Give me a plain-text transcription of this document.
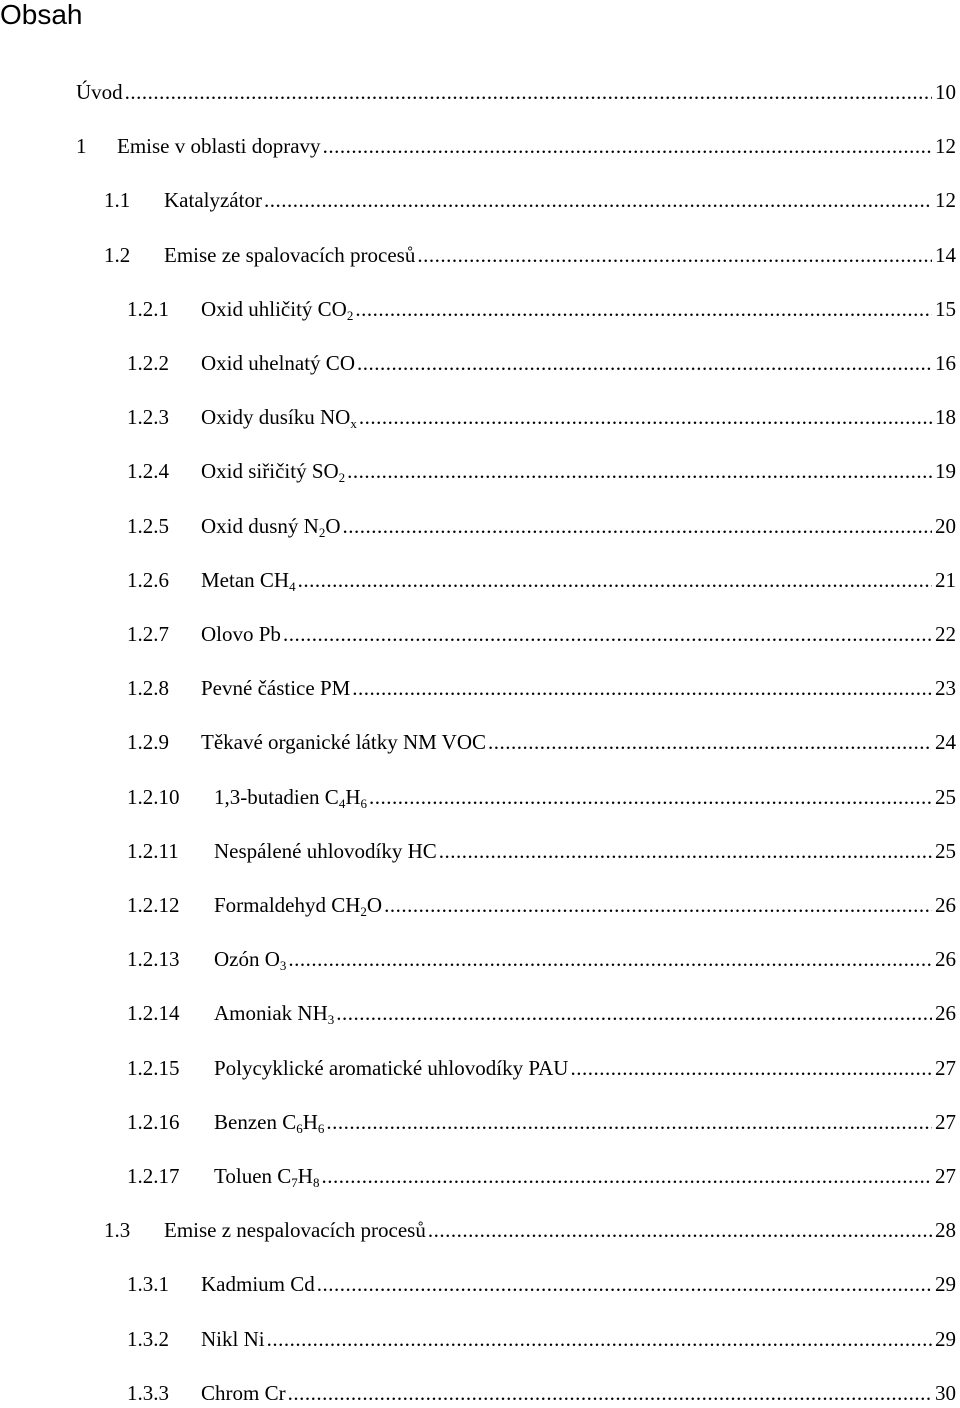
Obsah
Úvod .....	10
1	Emise v oblasti dopravy .....	12
1.1	Katalyzátor .....	12
1.2	Emise ze spalovacích procesů .....	14
1.2.1	Oxid uhličitý $CO_2$ .....	15
1.2.2	Oxid uhelnatý CO .....	16
1.2.3	Oxidy dusíku $NO_x$ .....	18
1.2.4	Oxid siřičitý $SO_2$ .....	19
1.2.5	Oxid dusný $N_2O$ .....	20
1.2.6	Metan $CH_4$ .....	21
1.2.7	Olovo Pb .....	22
1.2.8	Pevné částice PM .....	23
1.2.9	Těkavé organické látky NM VOC .....	24
1.2.10	1,3-butadien $C_4H_6$ .....	25
1.2.11	Nespálené uhlovodíky HC .....	25
1.2.12	Formaldehyd $CH_2O$ .....	26
1.2.13	Ozón $O_3$ .....	26
1.2.14	Amoniak $NH_3$ .....	26
1.2.15	Polycyklické aromatické uhlovodíky PAU .....	27
1.2.16	Benzen $C_6H_6$ .....	27
1.2.17	Toluen $C_7H_8$ .....	27
1.3	Emise z nespalovacích procesů .....	28
1.3.1	Kadmium Cd .....	29
1.3.2	Nikl Ni .....	29
1.3.3	Chrom Cr .....	30
